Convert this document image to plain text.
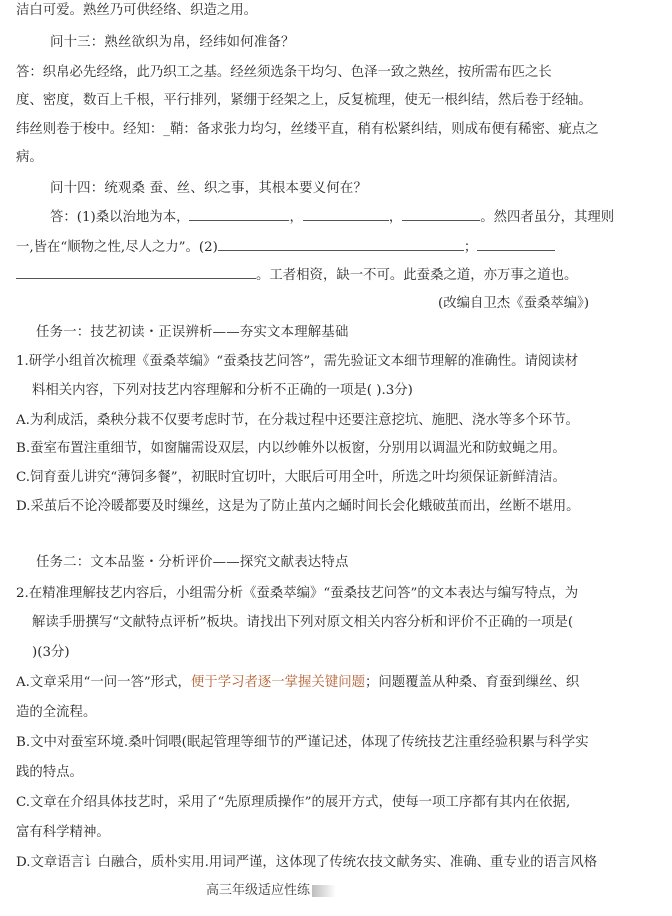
洁白可爱。熟丝乃可供经络、织造之用。
问十三：熟丝欲织为帛，经纬如何准备？
答：织帛必先经络，此乃织工之基。经丝须选条干均匀、色泽一致之熟丝，按所需布匹之长
度、密度，数百上千根，平行排列，紧绷于经架之上，反复梳理，使无一根纠结，然后卷于经轴。
纬丝则卷于梭中。经知：_鞘：备求张力均匀，丝缕平直，稍有松紧纠结，则成布便有稀密、疵点之
病。
问十四：统观桑 蚕、丝、织之事，其根本要义何在？
答：(1)桑以治地为本，	，	，	。然四者虽分，其理则
一,皆在“顺物之性,尽人之力”。(2)	；
。工者相资，缺一不可。此蚕桑之道，亦万事之道也。
(改编自卫杰《蚕桑萃编》)
任务一：技艺初读・正误辨析——夯实文本理解基础
1.研学小组首次梳理《蚕桑萃编》“蚕桑技艺问答”，需先验证文本细节理解的准确性。请阅读材
料相关内容，下列对技艺内容理解和分析不正确的一项是( ).3分)
A.为利成活，桑秧分栽不仅要考虑时节，在分栽过程中还要注意挖坑、施肥、浇水等多个环节。
B.蚕室布置注重细节，如窗牖需设双层，内以纱帷外以板窗，分别用以调温光和防蚊蝇之用。
C.饲育蚕儿讲究“薄饲多餐”，初眠时宜切叶，大眠后可用全叶，所选之叶均须保证新鲜清洁。
D.采茧后不论冷暖都要及时缫丝，这是为了防止茧内之蛹时间长会化蛾破茧而出，丝断不堪用。
任务二：文本品鉴・分析评价——探究文献表达特点
2.在精准理解技艺内容后，小组需分析《蚕桑萃编》“蚕桑技艺问答”的文本表达与编写特点，为
解读手册撰写“文献特点评析”板块。请找出下列对原文相关内容分析和评价不正确的一项是(
)(3分)
A.文章采用“一问一答”形式，便于学习者逐一掌握关键问题；问题覆盖从种桑、育蚕到缫丝、织
造的全流程。
B.文中对蚕室环境.桑叶饲喂(眠起管理等细节的严谨记述，体现了传统技艺注重经验积累与科学实
践的特点。
C.文章在介绍具体技艺时，采用了“先原理质操作”的展开方式，使每一项工序都有其内在依据,
富有科学精神。
D.文章语言讠白融合，质朴实用.用词严谨，这体现了传统农技文献务实、准确、重专业的语言风格
高三年级适应性练
